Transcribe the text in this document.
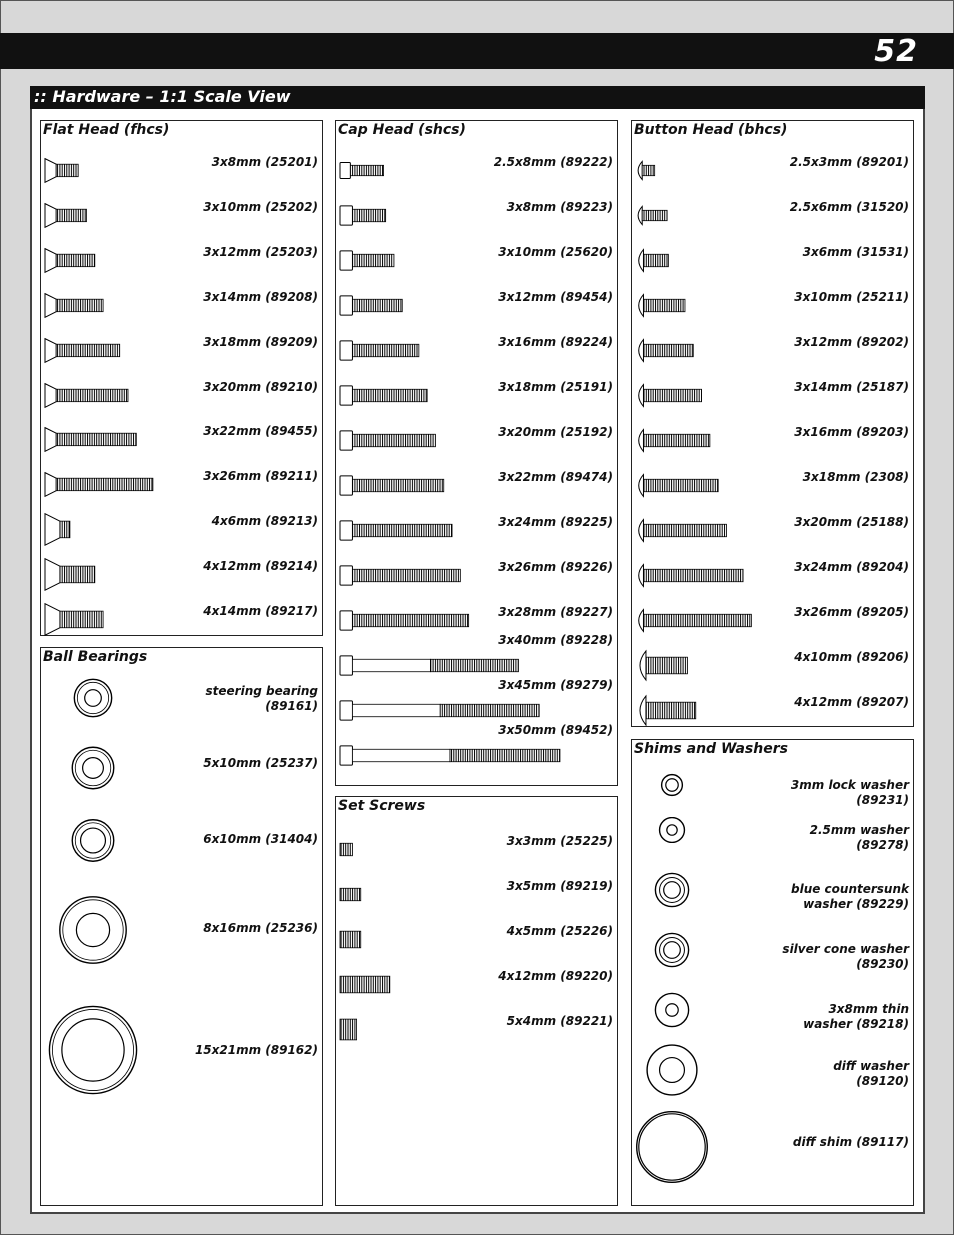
52
:: Hardware – 1:1 Scale View
Flat Head (fhcs)
3x8mm (25201)
3x10mm (25202)
3x12mm (25203)
3x14mm (89208)
3x18mm (89209)
3x20mm (89210)
3x22mm (89455)
3x26mm (89211)
4x6mm (89213)
4x12mm (89214)
4x14mm (89217)
Cap Head (shcs)
2.5x8mm (89222)
3x8mm (89223)
3x10mm (25620)
3x12mm (89454)
3x16mm (89224)
3x18mm (25191)
3x20mm (25192)
3x22mm (89474)
3x24mm (89225)
3x26mm (89226)
3x28mm (89227)
3x40mm (89228)
3x45mm (89279)
3x50mm (89452)
Button Head (bhcs)
2.5x3mm (89201)
2.5x6mm (31520)
3x6mm (31531)
3x10mm (25211)
3x12mm (89202)
3x14mm (25187)
3x16mm (89203)
3x18mm (2308)
3x20mm (25188)
3x24mm (89204)
3x26mm (89205)
4x10mm (89206)
4x12mm (89207)
Ball Bearings
steering bearing (89161)
5x10mm (25237)
6x10mm (31404)
8x16mm (25236)
15x21mm (89162)
Set Screws
3x3mm (25225)
3x5mm (89219)
4x5mm (25226)
4x12mm (89220)
5x4mm (89221)
Shims and Washers
3mm lock washer (89231)
2.5mm washer (89278)
blue countersunk washer (89229)
silver cone washer (89230)
3x8mm thin washer (89218)
diff washer (89120)
diff shim (89117)
